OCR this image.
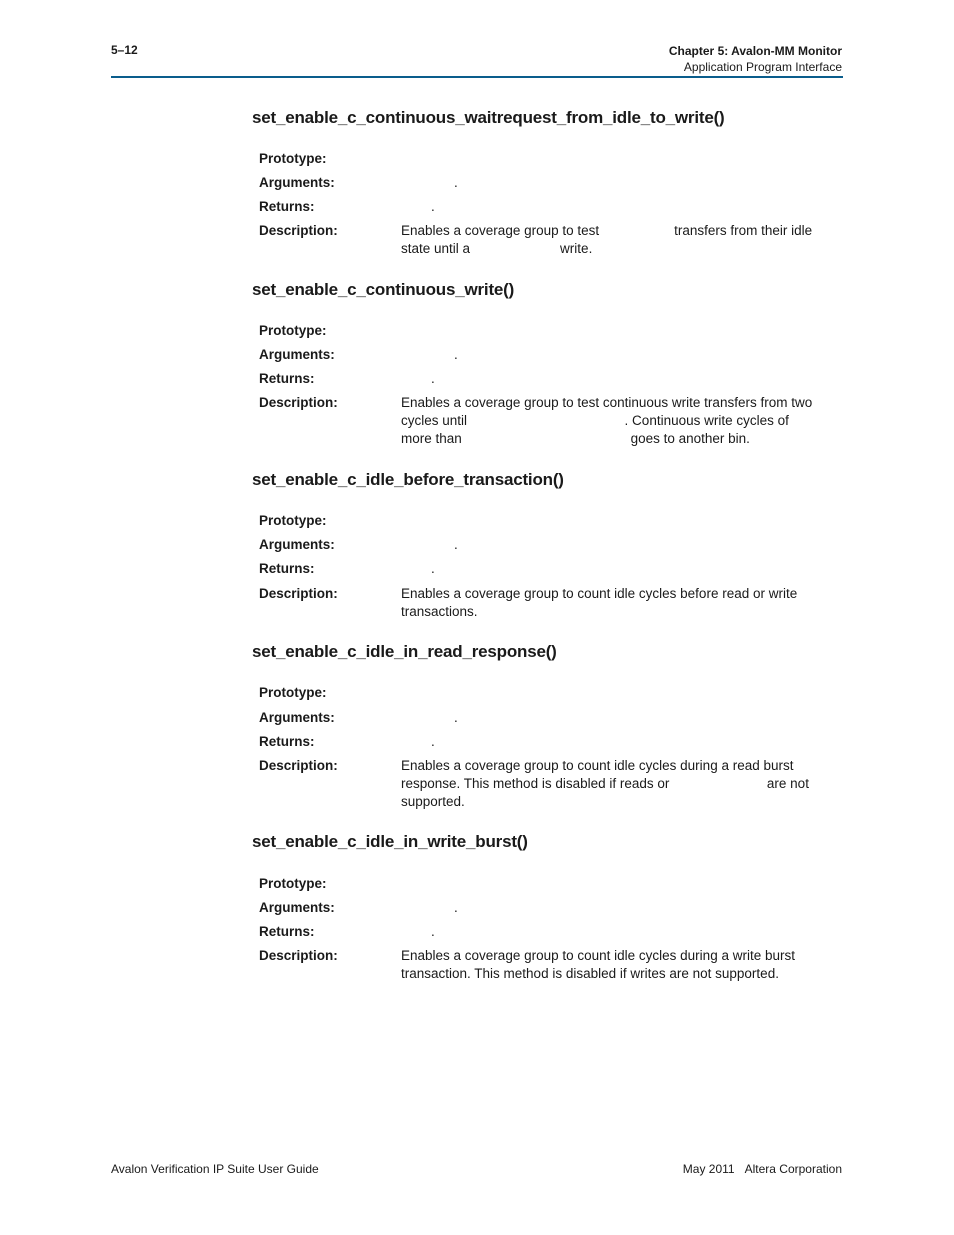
5–12	Chapter 5: Avalon-MM Monitor
Application Program Interface
set_enable_c_continuous_waitrequest_from_idle_to_write()
Prototype:
Arguments:	.
Returns:	.
Description:	Enables a coverage group to test                    transfers from their idle
state until a                        write.
set_enable_c_continuous_write()
Prototype:
Arguments:	.
Returns:	.
Description:	Enables a coverage group to test continuous write transfers from two
cycles until                                          . Continuous write cycles of
more than                                             goes to another bin.
set_enable_c_idle_before_transaction()
Prototype:
Arguments:	.
Returns:	.
Description:	Enables a coverage group to count idle cycles before read or write
transactions.
set_enable_c_idle_in_read_response()
Prototype:
Arguments:	.
Returns:	.
Description:	Enables a coverage group to count idle cycles during a read burst
response. This method is disabled if reads or                          are not
supported.
set_enable_c_idle_in_write_burst()
Prototype:
Arguments:	.
Returns:	.
Description:	Enables a coverage group to count idle cycles during a write burst
transaction. This method is disabled if writes are not supported.
Avalon Verification IP Suite User Guide	May 2011 Altera Corporation
